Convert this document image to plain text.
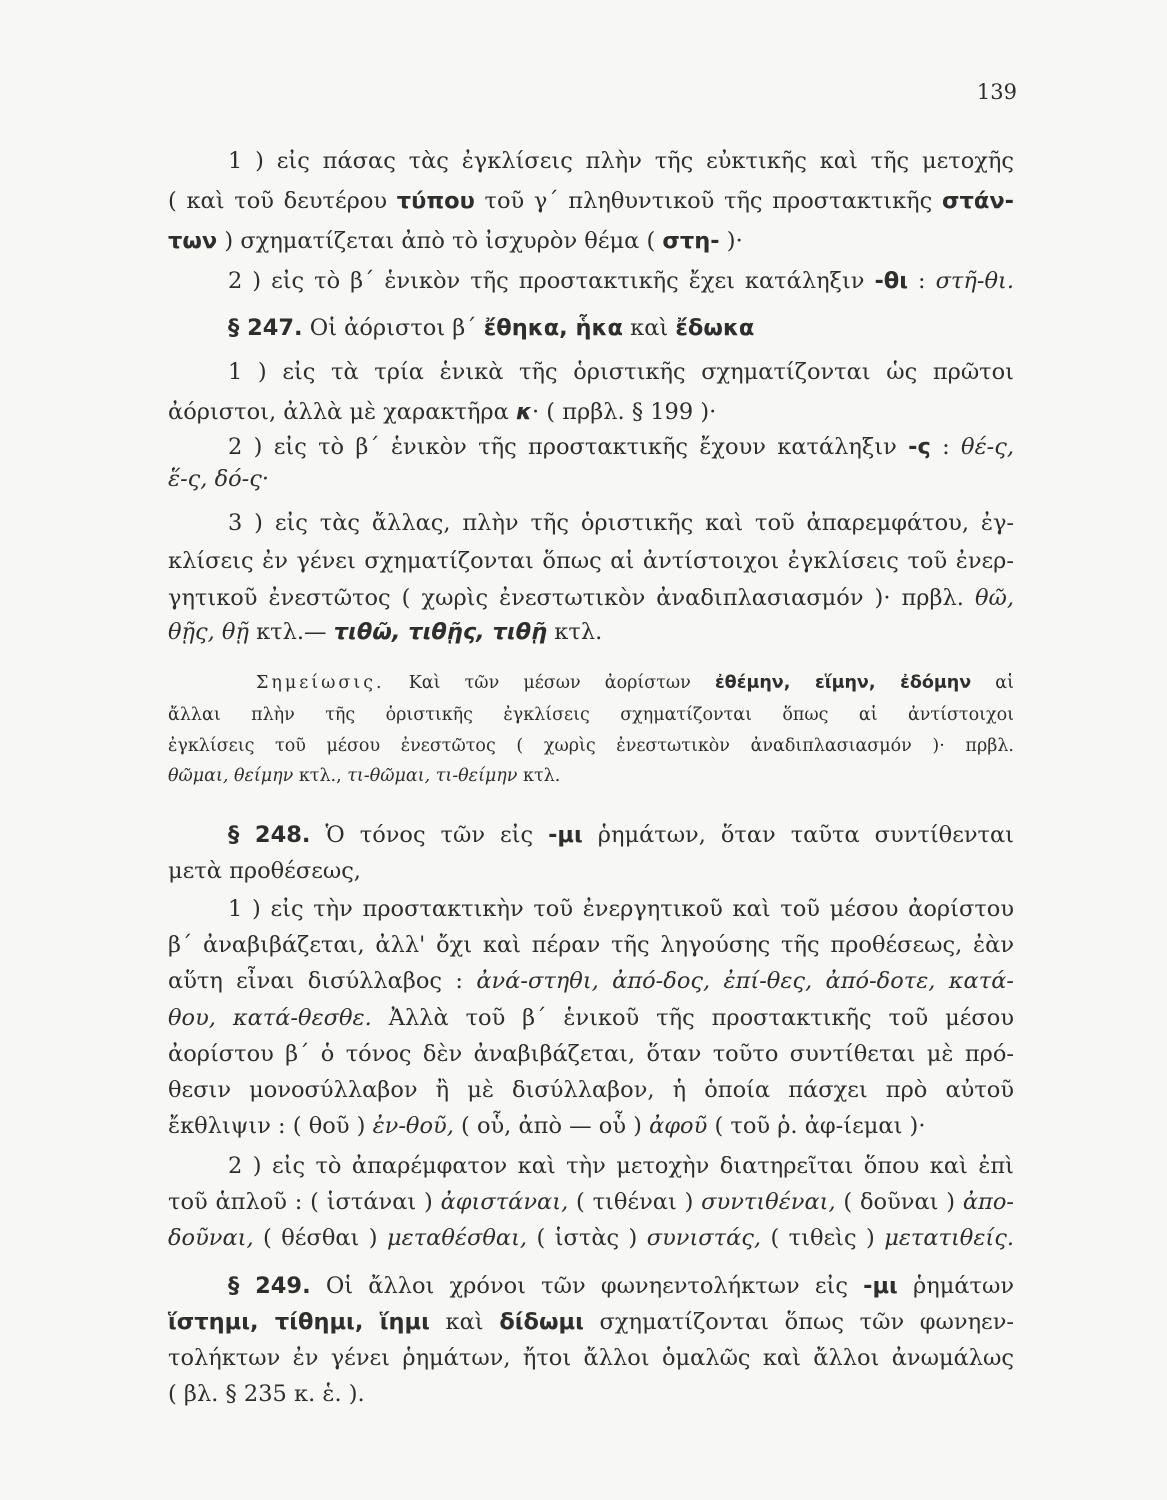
139
1 ) εἰς πάσας τὰς ἐγκλίσεις πλὴν τῆς εὐκτικῆς καὶ τῆς μετοχῆς
( καὶ τοῦ δευτέρου τύπου τοῦ γ΄ πληθυντικοῦ τῆς προστακτικῆς στάν-
των ) σχηματίζεται ἀπὸ τὸ ἰσχυρὸν θέμα ( στη- )·
2 ) εἰς τὸ β΄ ἑνικὸν τῆς προστακτικῆς ἔχει κατάληξιν -θι : στῆ-θι.
§ 247. Οἱ ἀόριστοι β΄ ἔθηκα, ἧκα καὶ ἔδωκα
1 ) εἰς τὰ τρία ἑνικὰ τῆς ὁριστικῆς σχηματίζονται ὡς πρῶτοι
ἀόριστοι, ἀλλὰ μὲ χαρακτῆρα κ· ( πρβλ. § 199 )·
2 ) εἰς τὸ β΄ ἑνικὸν τῆς προστακτικῆς ἔχουν κατάληξιν -ς : θέ-ς,
ἕ-ς, δό-ς·
3 ) εἰς τὰς ἄλλας, πλὴν τῆς ὁριστικῆς καὶ τοῦ ἀπαρεμφάτου, ἐγ-
κλίσεις ἐν γένει σχηματίζονται ὅπως αἱ ἀντίστοιχοι ἐγκλίσεις τοῦ ἐνερ-
γητικοῦ ἐνεστῶτος ( χωρὶς ἐνεστωτικὸν ἀναδιπλασιασμόν )· πρβλ. θῶ,
θῇς, θῇ κτλ.— τιθῶ, τιθῇς, τιθῇ κτλ.
Σημείωσις. Καὶ τῶν μέσων ἀορίστων ἐθέμην, εἵμην, ἐδόμην αἱ
ἄλλαι πλὴν τῆς ὁριστικῆς ἐγκλίσεις σχηματίζονται ὅπως αἱ ἀντίστοιχοι
ἐγκλίσεις τοῦ μέσου ἐνεστῶτος ( χωρὶς ἐνεστωτικὸν ἀναδιπλασιασμόν )· πρβλ.
θῶμαι, θείμην κτλ., τι-θῶμαι, τι-θείμην κτλ.
§ 248. Ὁ τόνος τῶν εἰς -μι ῥημάτων, ὅταν ταῦτα συντίθενται
μετὰ προθέσεως,
1 ) εἰς τὴν προστακτικὴν τοῦ ἐνεργητικοῦ καὶ τοῦ μέσου ἀορίστου
β΄ ἀναβιβάζεται, ἀλλ' ὄχι καὶ πέραν τῆς ληγούσης τῆς προθέσεως, ἐὰν
αὕτη εἶναι δισύλλαβος : ἀνά-στηθι, ἀπό-δος, ἐπί-θες, ἀπό-δοτε, κατά-
θου, κατά-θεσθε. Ἀλλὰ τοῦ β΄ ἑνικοῦ τῆς προστακτικῆς τοῦ μέσου
ἀορίστου β΄ ὁ τόνος δὲν ἀναβιβάζεται, ὅταν τοῦτο συντίθεται μὲ πρό-
θεσιν μονοσύλλαβον ἢ μὲ δισύλλαβον, ἡ ὁποία πάσχει πρὸ αὐτοῦ
ἔκθλιψιν : ( θοῦ ) ἐν-θοῦ, ( οὗ, ἀπὸ — οὗ ) ἀφοῦ ( τοῦ ῥ. ἀφ-ίεμαι )·
2 ) εἰς τὸ ἀπαρέμφατον καὶ τὴν μετοχὴν διατηρεῖται ὅπου καὶ ἐπὶ
τοῦ ἁπλοῦ : ( ἱστάναι ) ἀφιστάναι, ( τιθέναι ) συντιθέναι, ( δοῦναι ) ἀπο-
δοῦναι, ( θέσθαι ) μεταθέσθαι, ( ἱστὰς ) συνιστάς, ( τιθεὶς ) μετατιθείς.
§ 249. Οἱ ἄλλοι χρόνοι τῶν φωνηεντολήκτων εἰς -μι ῥημάτων
ἵστημι, τίθημι, ἵημι καὶ δίδωμι σχηματίζονται ὅπως τῶν φωνηεν-
τολήκτων ἐν γένει ῥημάτων, ἤτοι ἄλλοι ὁμαλῶς καὶ ἄλλοι ἀνωμάλως
( βλ. § 235 κ. ἑ. ).
